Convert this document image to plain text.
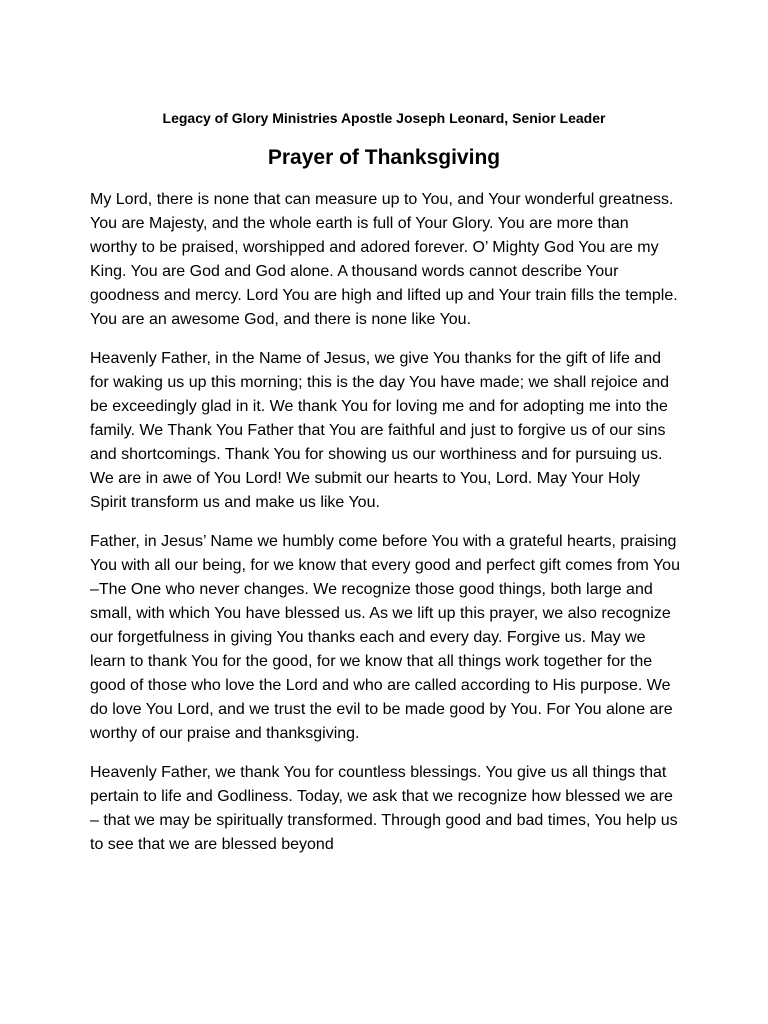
Legacy of Glory Ministries Apostle Joseph Leonard, Senior Leader
Prayer of Thanksgiving

My Lord, there is none that can measure up to You, and Your wonderful greatness. You are Majesty, and the whole earth is full of Your Glory. You are more than worthy to be praised, worshipped and adored forever. O’ Mighty God You are my King. You are God and God alone. A thousand words cannot describe Your goodness and mercy. Lord You are high and lifted up and Your train fills the temple. You are an awesome God, and there is none like You.

Heavenly Father, in the Name of Jesus, we give You thanks for the gift of life and for waking us up this morning; this is the day You have made; we shall rejoice and be exceedingly glad in it. We thank You for loving me and for adopting me into the family. We Thank You Father that You are faithful and just to forgive us of our sins and shortcomings. Thank You for showing us our worthiness and for pursuing us. We are in awe of You Lord! We submit our hearts to You, Lord. May Your Holy Spirit transform us and make us like You.

Father, in Jesus’ Name we humbly come before You with a grateful hearts, praising You with all our being, for we know that every good and perfect gift comes from You –The One who never changes. We recognize those good things, both large and small, with which You have blessed us. As we lift up this prayer, we also recognize our forgetfulness in giving You thanks each and every day. Forgive us. May we learn to thank You for the good, for we know that all things work together for the good of those who love the Lord and who are called according to His purpose. We do love You Lord, and we trust the evil to be made good by You. For You alone are worthy of our praise and thanksgiving.

Heavenly Father, we thank You for countless blessings. You give us all things that pertain to life and Godliness. Today, we ask that we recognize how blessed we are – that we may be spiritually transformed. Through good and bad times, You help us to see that we are blessed beyond
